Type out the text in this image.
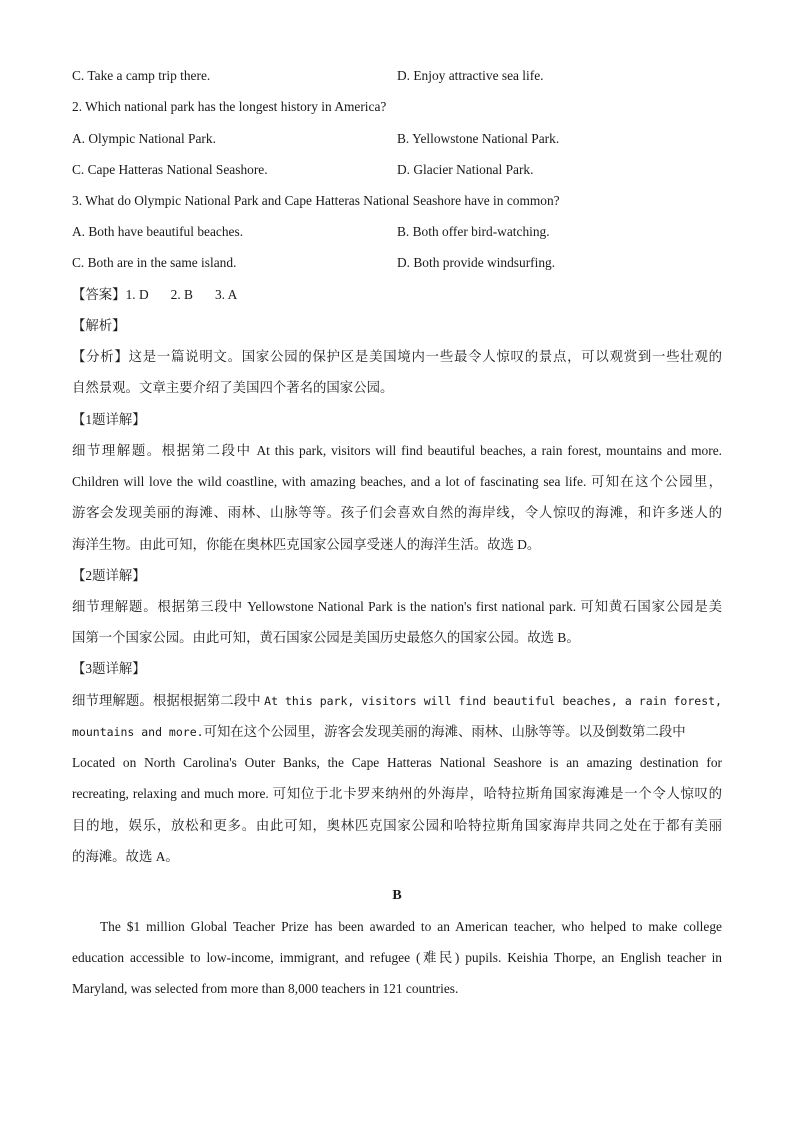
C. Take a camp trip there.	D. Enjoy attractive sea life.
2. Which national park has the longest history in America?
A. Olympic National Park.	B. Yellowstone National Park.
C. Cape Hatteras National Seashore.	D. Glacier National Park.
3. What do Olympic National Park and Cape Hatteras National Seashore have in common?
A. Both have beautiful beaches.	B. Both offer bird-watching.
C. Both are in the same island.	D. Both provide windsurfing.
【答案】1. D 2. B 3. A
【解析】
【分析】这是一篇说明文。国家公园的保护区是美国境内一些最令人惊叹的景点，可以观赏到一些壮观的
自然景观。文章主要介绍了美国四个著名的国家公园。
【1题详解】
细节理解题。根据第二段中 At this park, visitors will find beautiful beaches, a rain forest, mountains and more.
Children will love the wild coastline, with amazing beaches, and a lot of fascinating sea life. 可知在这个公园里，
游客会发现美丽的海滩、雨林、山脉等等。孩子们会喜欢自然的海岸线，令人惊叹的海滩，和许多迷人的
海洋生物。由此可知，你能在奥林匹克国家公园享受迷人的海洋生活。故选 D。
【2题详解】
细节理解题。根据第三段中 Yellowstone National Park is the nation's first national park. 可知黄石国家公园是美
国第一个国家公园。由此可知，黄石国家公园是美国历史最悠久的国家公园。故选 B。
【3题详解】
细节理解题。根据根据第二段中 At this park, visitors will find beautiful beaches, a rain forest,
mountains and more.可知在这个公园里，游客会发现美丽的海滩、雨林、山脉等等。以及倒数第二段中
Located on North Carolina's Outer Banks, the Cape Hatteras National Seashore is an amazing destination for
recreating, relaxing and much more. 可知位于北卡罗来纳州的外海岸，哈特拉斯角国家海滩是一个令人惊叹的
目的地，娱乐，放松和更多。由此可知，奥林匹克国家公园和哈特拉斯角国家海岸共同之处在于都有美丽
的海滩。故选 A。
B
The $1 million Global Teacher Prize has been awarded to an American teacher, who helped to make college
education accessible to low-income, immigrant, and refugee (难民) pupils. Keishia Thorpe, an English teacher in
Maryland, was selected from more than 8,000 teachers in 121 countries.
